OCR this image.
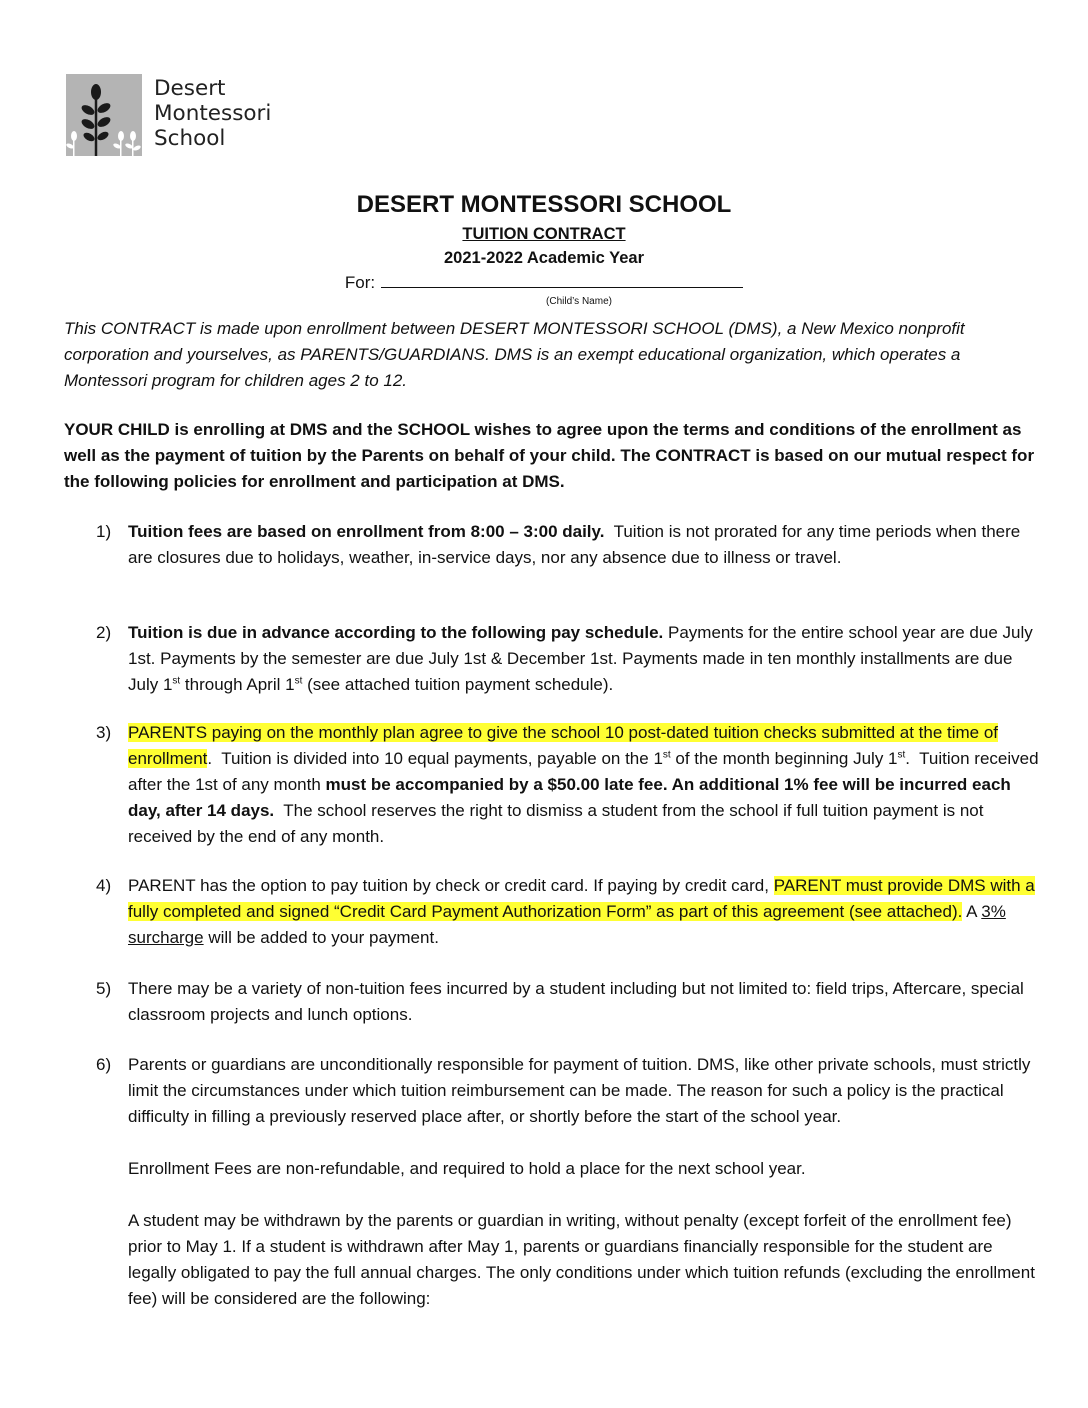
Desert
Montessori
School
DESERT MONTESSORI SCHOOL
TUITION CONTRACT
2021-2022 Academic Year
For:
(Child’s Name)

This CONTRACT is made upon enrollment between DESERT MONTESSORI SCHOOL (DMS), a New Mexico nonprofit corporation and yourselves, as PARENTS/GUARDIANS. DMS is an exempt educational organization, which operates a Montessori program for children ages 2 to 12.

YOUR CHILD is enrolling at DMS and the SCHOOL wishes to agree upon the terms and conditions of the enrollment as well as the payment of tuition by the Parents on behalf of your child. The CONTRACT is based on our mutual respect for the following policies for enrollment and participation at DMS.

1) Tuition fees are based on enrollment from 8:00 – 3:00 daily.  Tuition is not prorated for any time periods when there are closures due to holidays, weather, in-service days, nor any absence due to illness or travel.
2) Tuition is due in advance according to the following pay schedule. Payments for the entire school year are due July 1st. Payments by the semester are due July 1st & December 1st. Payments made in ten monthly installments are due July 1st through April 1st (see attached tuition payment schedule).
3) PARENTS paying on the monthly plan agree to give the school 10 post-dated tuition checks submitted at the time of enrollment.  Tuition is divided into 10 equal payments, payable on the 1st of the month beginning July 1st.  Tuition received after the 1st of any month must be accompanied by a $50.00 late fee. An additional 1% fee will be incurred each day, after 14 days.  The school reserves the right to dismiss a student from the school if full tuition payment is not received by the end of any month.
4) PARENT has the option to pay tuition by check or credit card. If paying by credit card, PARENT must provide DMS with a fully completed and signed “Credit Card Payment Authorization Form” as part of this agreement (see attached). A 3% surcharge will be added to your payment.
5) There may be a variety of non-tuition fees incurred by a student including but not limited to: field trips, Aftercare, special classroom projects and lunch options.
6) Parents or guardians are unconditionally responsible for payment of tuition. DMS, like other private schools, must strictly limit the circumstances under which tuition reimbursement can be made. The reason for such a policy is the practical difficulty in filling a previously reserved place after, or shortly before the start of the school year.

Enrollment Fees are non-refundable, and required to hold a place for the next school year.

A student may be withdrawn by the parents or guardian in writing, without penalty (except forfeit of the enrollment fee) prior to May 1. If a student is withdrawn after May 1, parents or guardians financially responsible for the student are legally obligated to pay the full annual charges. The only conditions under which tuition refunds (excluding the enrollment fee) will be considered are the following:
